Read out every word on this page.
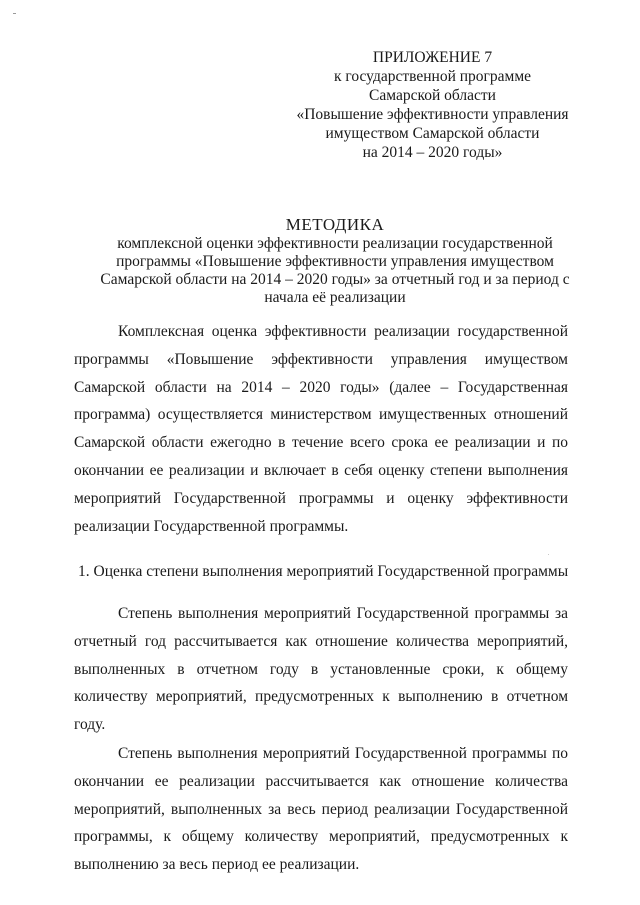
ПРИЛОЖЕНИЕ 7
к государственной программе
Самарской области
«Повышение эффективности управления
имуществом Самарской области
на 2014 – 2020 годы»
МЕТОДИКА
комплексной оценки эффективности реализации государственной
программы «Повышение эффективности управления имуществом
Самарской области на 2014 – 2020 годы» за отчетный год и за период с
начала её реализации
Комплексная оценка эффективности реализации государственной
программы «Повышение эффективности управления имуществом
Самарской области на 2014 – 2020 годы» (далее – Государственная
программа) осуществляется министерством имущественных отношений
Самарской области ежегодно в течение всего срока ее реализации и по
окончании ее реализации и включает в себя оценку степени выполнения
мероприятий Государственной программы и оценку эффективности
реализации Государственной программы.
1. Оценка степени выполнения мероприятий Государственной программы
Степень выполнения мероприятий Государственной программы за
отчетный год рассчитывается как отношение количества мероприятий,
выполненных в отчетном году в установленные сроки, к общему
количеству мероприятий, предусмотренных к выполнению в отчетном
году.
Степень выполнения мероприятий Государственной программы по
окончании ее реализации рассчитывается как отношение количества
мероприятий, выполненных за весь период реализации Государственной
программы, к общему количеству мероприятий, предусмотренных к
выполнению за весь период ее реализации.
